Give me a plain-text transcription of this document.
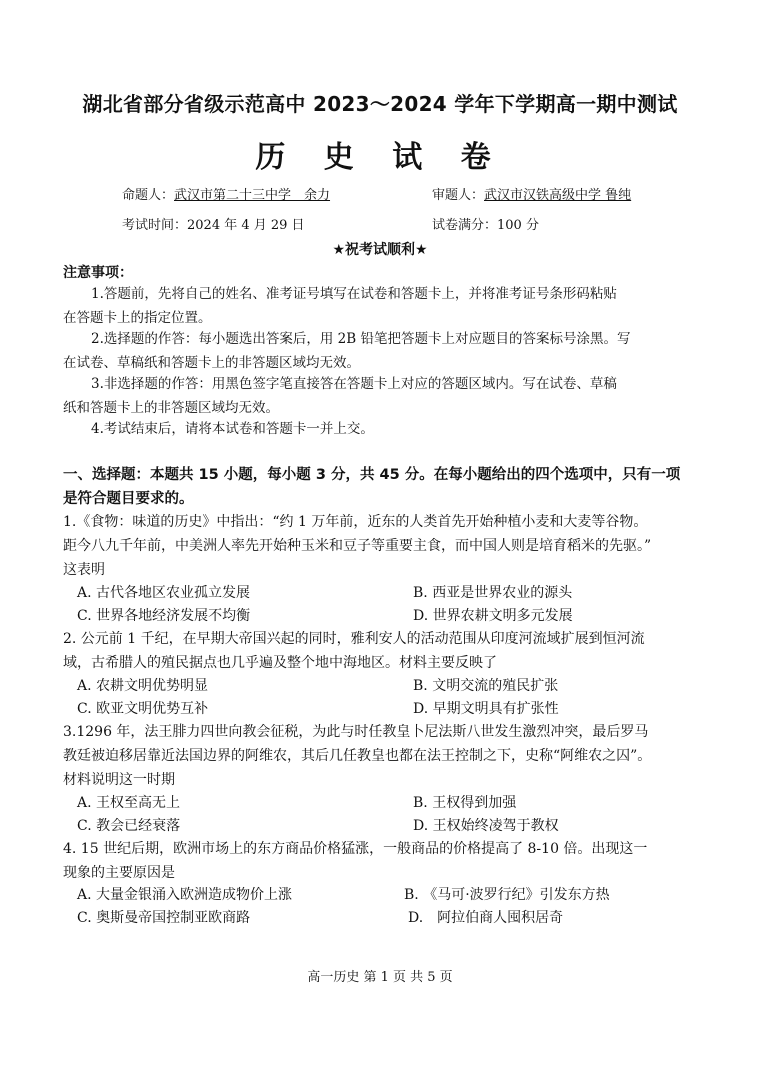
湖北省部分省级示范高中 2023～2024 学年下学期高一期中测试
历 史 试 卷
命题人：武汉市第二十三中学　余力	审题人：武汉市汉铁高级中学 鲁纯
考试时间：2024 年 4 月 29 日	试卷满分：100 分
★祝考试顺利★
注意事项：
1.答题前，先将自己的姓名、准考证号填写在试卷和答题卡上，并将准考证号条形码粘贴
在答题卡上的指定位置。
2.选择题的作答：每小题选出答案后，用 2B 铅笔把答题卡上对应题目的答案标号涂黑。写
在试卷、草稿纸和答题卡上的非答题区域均无效。
3.非选择题的作答：用黑色签字笔直接答在答题卡上对应的答题区域内。写在试卷、草稿
纸和答题卡上的非答题区域均无效。
4.考试结束后，请将本试卷和答题卡一并上交。
一、选择题：本题共 15 小题，每小题 3 分，共 45 分。在每小题给出的四个选项中，只有一项
是符合题目要求的。
1.《食物：味道的历史》中指出：“约 1 万年前，近东的人类首先开始种植小麦和大麦等谷物。
距今八九千年前，中美洲人率先开始种玉米和豆子等重要主食，而中国人则是培育稻米的先驱。”
这表明
A. 古代各地区农业孤立发展	B. 西亚是世界农业的源头
C. 世界各地经济发展不均衡	D. 世界农耕文明多元发展
2. 公元前 1 千纪，在早期大帝国兴起的同时，雅利安人的活动范围从印度河流域扩展到恒河流
域，古希腊人的殖民据点也几乎遍及整个地中海地区。材料主要反映了
A. 农耕文明优势明显	B. 文明交流的殖民扩张
C. 欧亚文明优势互补	D. 早期文明具有扩张性
3.1296 年，法王腓力四世向教会征税，为此与时任教皇卜尼法斯八世发生激烈冲突，最后罗马
教廷被迫移居靠近法国边界的阿维农，其后几任教皇也都在法王控制之下，史称“阿维农之囚”。
材料说明这一时期
A. 王权至高无上	B. 王权得到加强
C. 教会已经衰落	D. 王权始终凌驾于教权
4. 15 世纪后期，欧洲市场上的东方商品价格猛涨，一般商品的价格提高了 8-10 倍。出现这一
现象的主要原因是
A. 大量金银涌入欧洲造成物价上涨	B. 《马可·波罗行纪》引发东方热
C. 奥斯曼帝国控制亚欧商路	D.　阿拉伯商人囤积居奇
高一历史 第 1 页 共 5 页
